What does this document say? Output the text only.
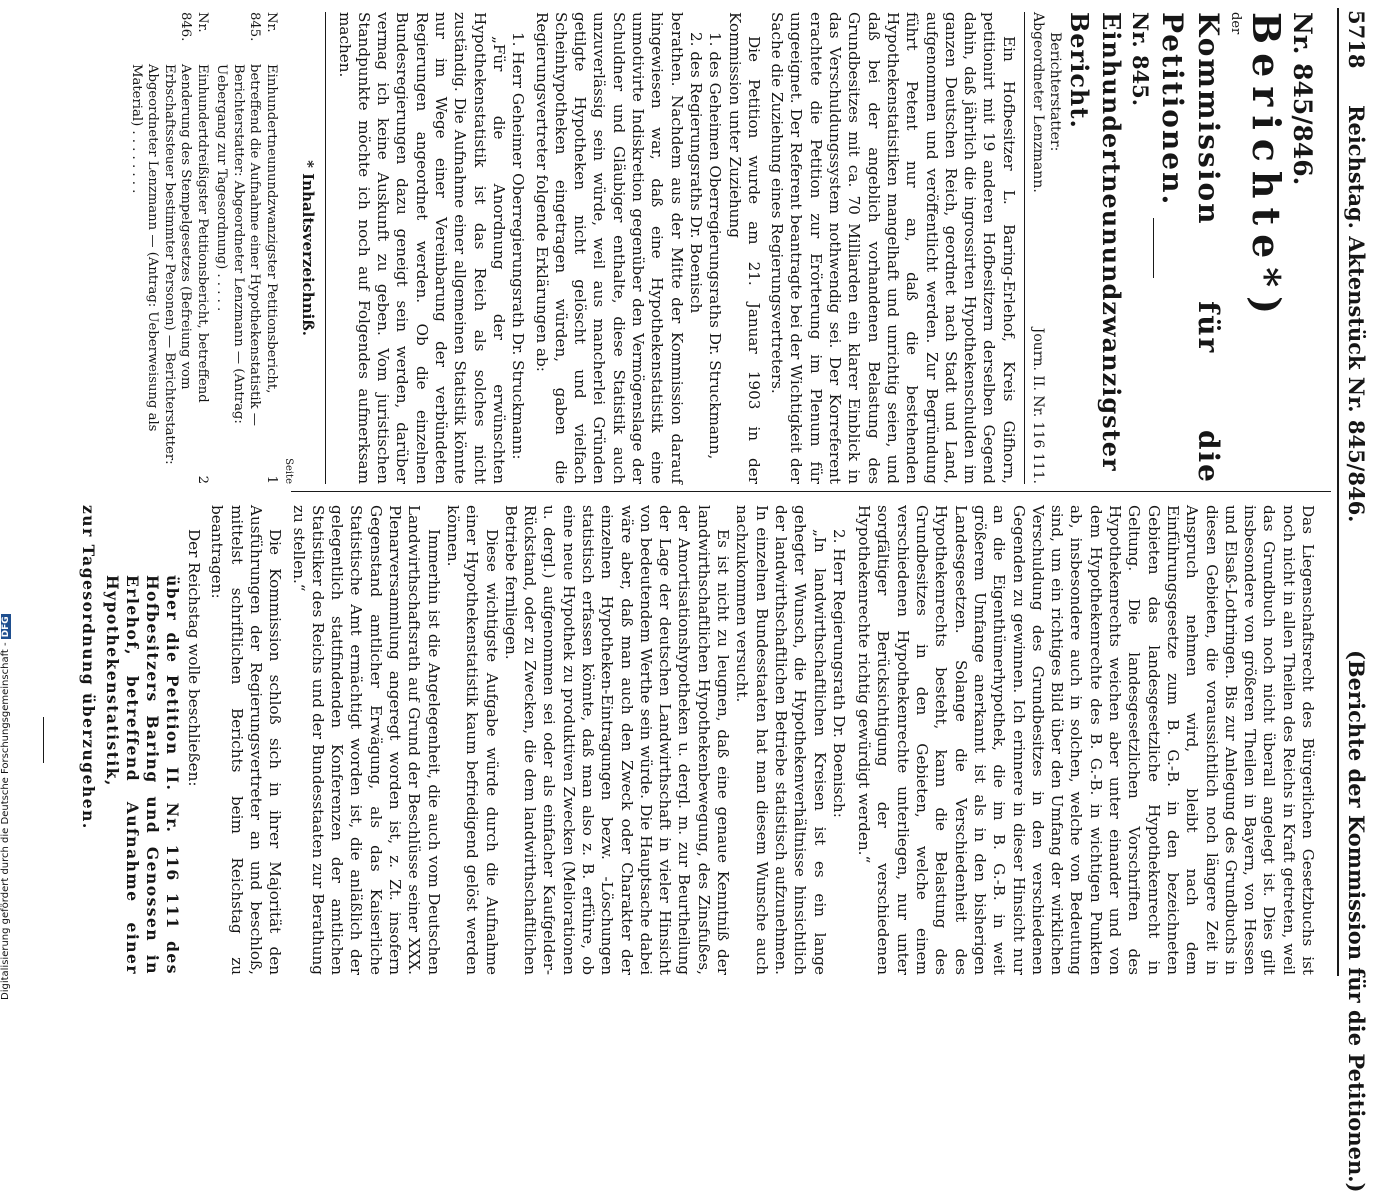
5718
Reichstag. Aktenstück Nr. 845/846.
(Berichte der Kommission für die Petitionen.)

Nr. 845/846.

Berichte*)

der

Kommission für die Petitionen.

Nr. 845.

Einhundertneunundzwanzigster Bericht.

Berichterstatter:
Abgeordneter Lenzmann.
Journ. II. Nr. 116 111.

Ein Hofbesitzer L. Baring-Erlehof, Kreis Gifhorn, petitionirt mit 19 anderen Hofbesitzern derselben Gegend dahin, daß jährlich die ingrossirten Hypothekenschulden im ganzen Deutschen Reich, geordnet nach Stadt und Land, aufgenommen und veröffentlicht werden. Zur Begründung führt Petent nur an, daß die bestehenden Hypothekenstatistiken mangelhaft und unrichtig seien, und daß bei der angeblich vorhandenen Belastung des Grundbesitzes mit ca. 70 Milliarden ein klarer Einblick in das Verschuldungssystem nothwendig sei. Der Korreferent erachtete die Petition zur Erörterung im Plenum für ungeeignet. Der Referent beantragte bei der Wichtigkeit der Sache die Zuziehung eines Regierungsvertreters.

Die Petition wurde am 21. Januar 1903 in der Kommission unter Zuziehung

1. des Geheimen Oberregierungsraths Dr. Struckmann,

2. des Regierungsraths Dr. Boenisch

berathen. Nachdem aus der Mitte der Kommission darauf hingewiesen war, daß eine Hypothekenstatistik eine unmotivirte Indiskretion gegenüber den Vermögenslage der Schuldner und Gläubiger enthalte, diese Statistik auch unzuverlässig sein würde, weil aus mancherlei Gründen getilgte Hypotheken nicht gelöscht und vielfach Scheinhypotheken eingetragen würden, gaben die Regierungsvertreter folgende Erklärungen ab:

1. Herr Geheimer Oberregierungsrath Dr. Struckmann:

„Für die Anordnung der erwünschten Hypothekenstatistik ist das Reich als solches nicht zuständig. Die Aufnahme einer allgemeinen Statistik könnte nur im Wege einer Vereinbarung der verbündeten Regierungen angeordnet werden. Ob die einzelnen Bundesregierungen dazu geneigt sein werden, darüber vermag ich keine Auskunft zu geben. Vom juristischen Standpunkte möchte ich noch auf Folgendes aufmerksam machen.

* Inhaltsverzeichniß.
Seite
Nr. 845.
Einhundertneunundzwanzigster Petitionsbericht, betreffend die Aufnahme einer Hypothekenstatistik — Berichterstatter: Abgeordneter Lenzmann — (Antrag: Uebergang zur Tagesordnung) . . . . .
1
Nr. 846.
Einhundertdreißigster Petitionsbericht, betreffend Aenderung des Stempelgesetzes (Befreiung vom Erbschaftssteuer bestimmter Personen) — Berichterstatter: Abgeordneter Lenzmann — (Antrag: Ueberweisung als Material) . . . . . . . .
2

Das Liegenschaftsrecht des Bürgerlichen Gesetzbuchs ist noch nicht in allen Theilen des Reichs in Kraft getreten, weil das Grundbuch noch nicht überall angelegt ist. Dies gilt insbesondere von größeren Theilen in Bayern, von Hessen und Elsaß-Lothringen. Bis zur Anlegung des Grundbuchs in diesen Gebieten, die voraussichtlich noch längere Zeit in Anspruch nehmen wird, bleibt nach dem Einführungsgesetze zum B. G.-B. in den bezeichneten Gebieten das landesgesetzliche Hypothekenrecht in Geltung. Die landesgesetzlichen Vorschriften des Hypothekenrechts weichen aber unter einander und von dem Hypothekenrechte des B. G.-B. in wichtigen Punkten ab, insbesondere auch in solchen, welche von Bedeutung sind, um ein richtiges Bild über den Umfang der wirklichen Verschuldung des Grundbesitzes in den verschiedenen Gegenden zu gewinnen. Ich erinnere in dieser Hinsicht nur an die Eigenthümerhypothek, die im B. G.-B. in weit größerem Umfange anerkannt ist als in den bisherigen Landesgesetzen. Solange die Verschiedenheit des Hypothekenrechts besteht, kann die Belastung des Grundbesitzes in den Gebieten, welche einem verschiedenen Hypothekenrechte unterliegen, nur unter sorgfältiger Berücksichtigung der verschiedenen Hypothekenrechte richtig gewürdigt werden.“

2. Herr Regierungsrath Dr. Boenisch:

„In landwirthschaftlichen Kreisen ist es ein lange gehegter Wunsch, die Hypothekenverhältnisse hinsichtlich der landwirthschaftlichen Betriebe statistisch aufzunehmen. In einzelnen Bundesstaaten hat man diesem Wunsche auch nachzukommen versucht.

Es ist nicht zu leugnen, daß eine genaue Kenntniß der landwirthschaftlichen Hypothekenbewegung, des Zinsfußes, der Amortisationshypotheken u. dergl. m. zur Beurtheilung der Lage der deutschen Landwirthschaft in vieler Hinsicht von bedeutendem Werthe sein würde. Die Hauptsache dabei wäre aber, daß man auch den Zweck oder Charakter der einzelnen Hypotheken-Eintragungen bezw. -Löschungen statistisch erfassen könnte, daß man also z. B. erführe, ob eine neue Hypothek zu produktiven Zwecken (Meliorationen u. dergl.) aufgenommen sei oder als einfacher Kaufgelder-Rückstand, oder zu Zwecken, die dem landwirthschaftlichen Betriebe fernliegen.

Diese wichtigste Aufgabe würde durch die Aufnahme einer Hypothekenstatistik kaum befriedigend gelöst werden können.

Immerhin ist die Angelegenheit, die auch vom Deutschen Landwirthschaftsrath auf Grund der Beschlüsse seiner XXX. Plenarversammlung angeregt worden ist, z. Zt. insofern Gegenstand amtlicher Erwägung, als das Kaiserliche Statistische Amt ermächtigt worden ist, die anläßlich der gelegentlich stattfindenden Konferenzen der amtlichen Statistiker des Reichs und der Bundesstaaten zur Berathung zu stellen.“

Die Kommission schloß sich in ihrer Majorität den Ausführungen der Regierungsvertreter an und beschloß, mittelst schriftlichen Berichts beim Reichstag zu beantragen:

Der Reichstag wolle beschließen:

über die Petition II. Nr. 116 111 des Hofbesitzers Baring und Genossen in Erlehof, betreffend Aufnahme einer Hypothekenstatistik,

zur Tagesordnung überzugehen.

Digitalisierung gefördert durch die Deutsche Forschungsgemeinschaft -DFG
